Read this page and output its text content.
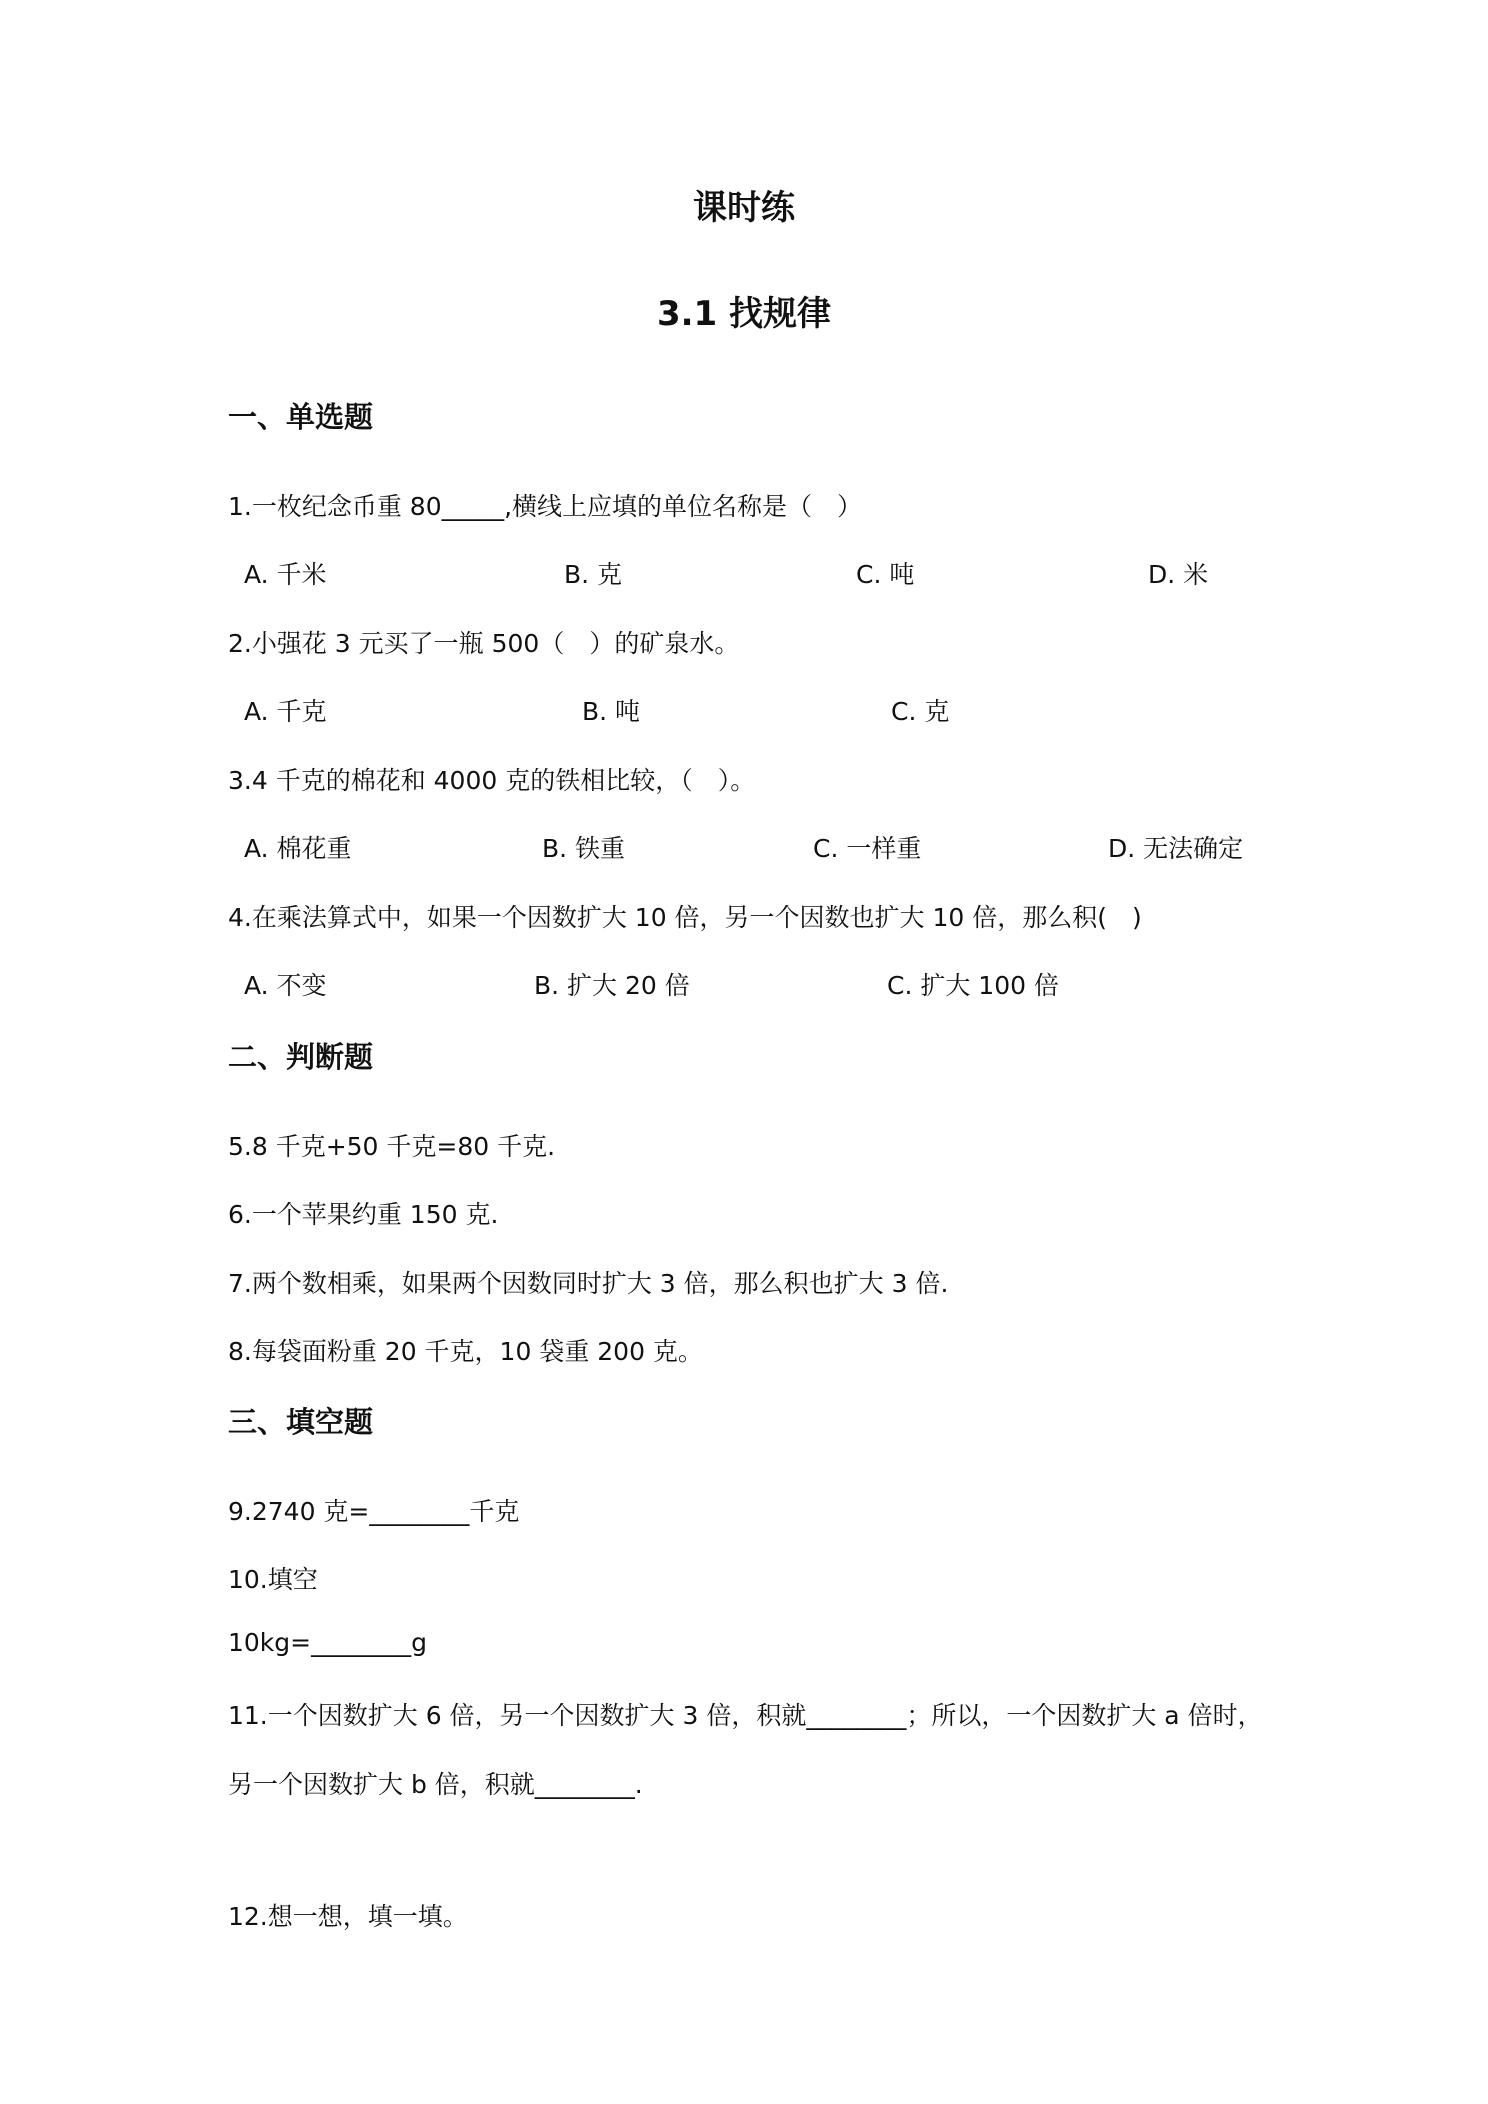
课时练
3.1 找规律
一、单选题
1.一枚纪念币重 80_____,横线上应填的单位名称是（　）
A. 千米	B. 克	C. 吨	D. 米
2.小强花 3 元买了一瓶 500（　）的矿泉水。
A. 千克	B. 吨	C. 克
3.4 千克的棉花和 4000 克的铁相比较，（　）。
A. 棉花重	B. 铁重	C. 一样重	D. 无法确定
4.在乘法算式中，如果一个因数扩大 10 倍，另一个因数也扩大 10 倍，那么积(　)
A. 不变	B. 扩大 20 倍	C. 扩大 100 倍
二、判断题
5.8 千克+50 千克=80 千克.
6.一个苹果约重 150 克.
7.两个数相乘，如果两个因数同时扩大 3 倍，那么积也扩大 3 倍.
8.每袋面粉重 20 千克，10 袋重 200 克。
三、填空题
9.2740 克=________千克
10.填空
10kg=________g
11.一个因数扩大 6 倍，另一个因数扩大 3 倍，积就________；所以，一个因数扩大 a 倍时，
另一个因数扩大 b 倍，积就________.
12.想一想，填一填。
